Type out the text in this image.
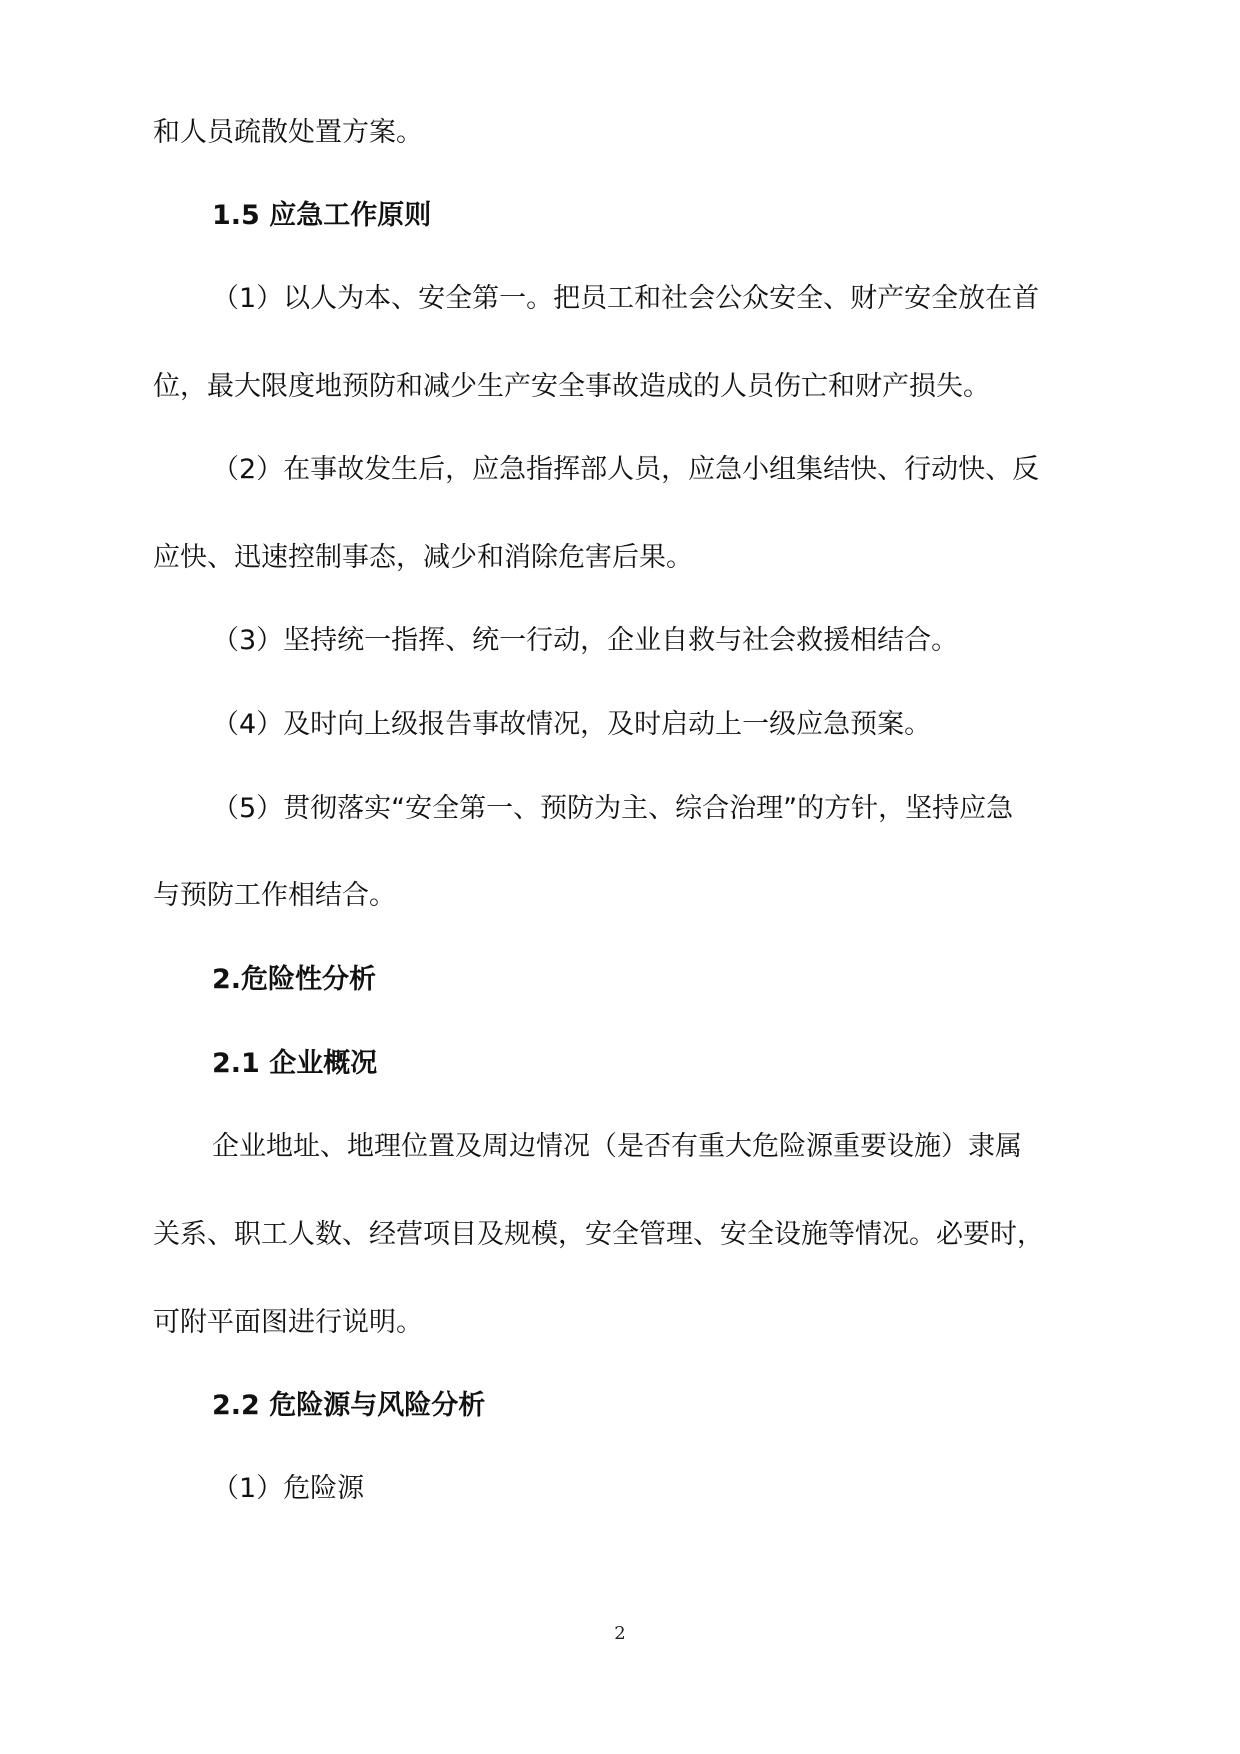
和人员疏散处置方案。

1.5 应急工作原则

（1）以人为本、安全第一。把员工和社会公众安全、财产安全放在首

位，最大限度地预防和减少生产安全事故造成的人员伤亡和财产损失。

（2）在事故发生后，应急指挥部人员，应急小组集结快、行动快、反

应快、迅速控制事态，减少和消除危害后果。

（3）坚持统一指挥、统一行动，企业自救与社会救援相结合。

（4）及时向上级报告事故情况，及时启动上一级应急预案。

（5）贯彻落实“安全第一、预防为主、综合治理”的方针，坚持应急

与预防工作相结合。

2.危险性分析

2.1 企业概况

企业地址、地理位置及周边情况（是否有重大危险源重要设施）隶属

关系、职工人数、经营项目及规模，安全管理、安全设施等情况。必要时，

可附平面图进行说明。

2.2 危险源与风险分析

（1）危险源

2
